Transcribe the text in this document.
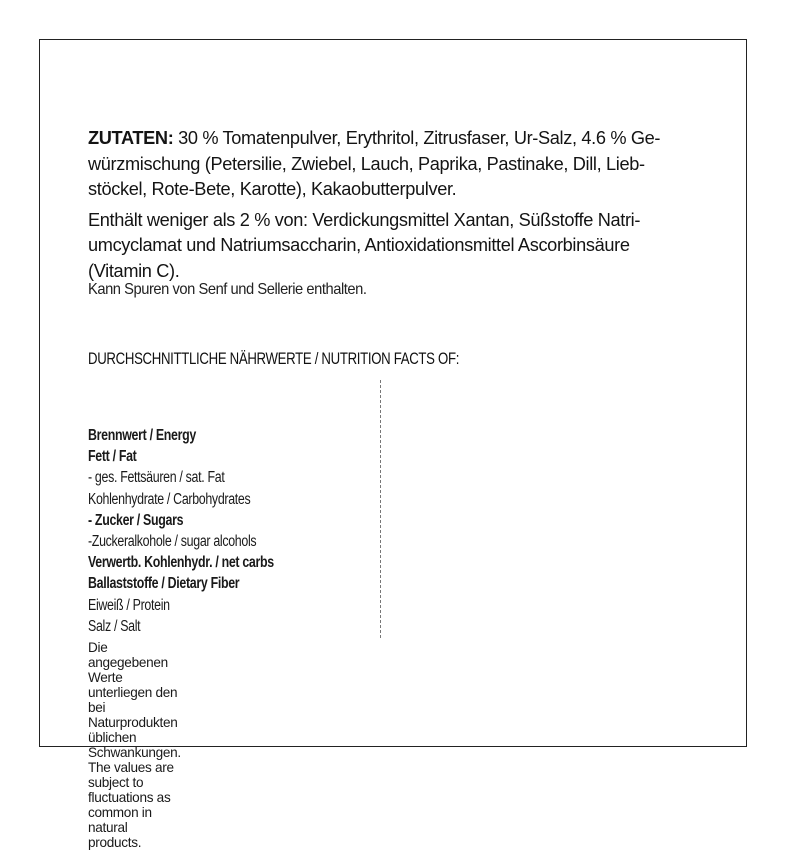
ZUTATEN: 30 % Tomatenpulver, Erythritol, Zitrusfaser, Ur-Salz, 4.6 % Ge-
würzmischung (Petersilie, Zwiebel, Lauch, Paprika, Pastinake, Dill, Lieb-
stöckel, Rote-Bete, Karotte), Kakaobutterpulver.

Enthält weniger als 2 % von: Verdickungsmittel Xantan, Süßstoffe Natri-
umcyclamat und Natriumsaccharin, Antioxidationsmittel Ascorbinsäure
(Vitamin C).

Kann Spuren von Senf und Sellerie enthalten.
DURCHSCHNITTLICHE NÄHRWERTE / NUTRITION FACTS OF:
Brennwert / Energy
Fett / Fat
- ges. Fettsäuren / sat. Fat
Kohlenhydrate / Carbohydrates
- Zucker / Sugars
-Zuckeralkohole / sugar alcohols
Verwertb. Kohlenhydr. / net carbs
Ballaststoffe / Dietary Fiber
Eiweiß / Protein
Salz / Salt

Die angegebenen Werte unterliegen den bei Naturprodukten üblichen Schwankungen.

The values are subject to fluctuations as common in natural products.
